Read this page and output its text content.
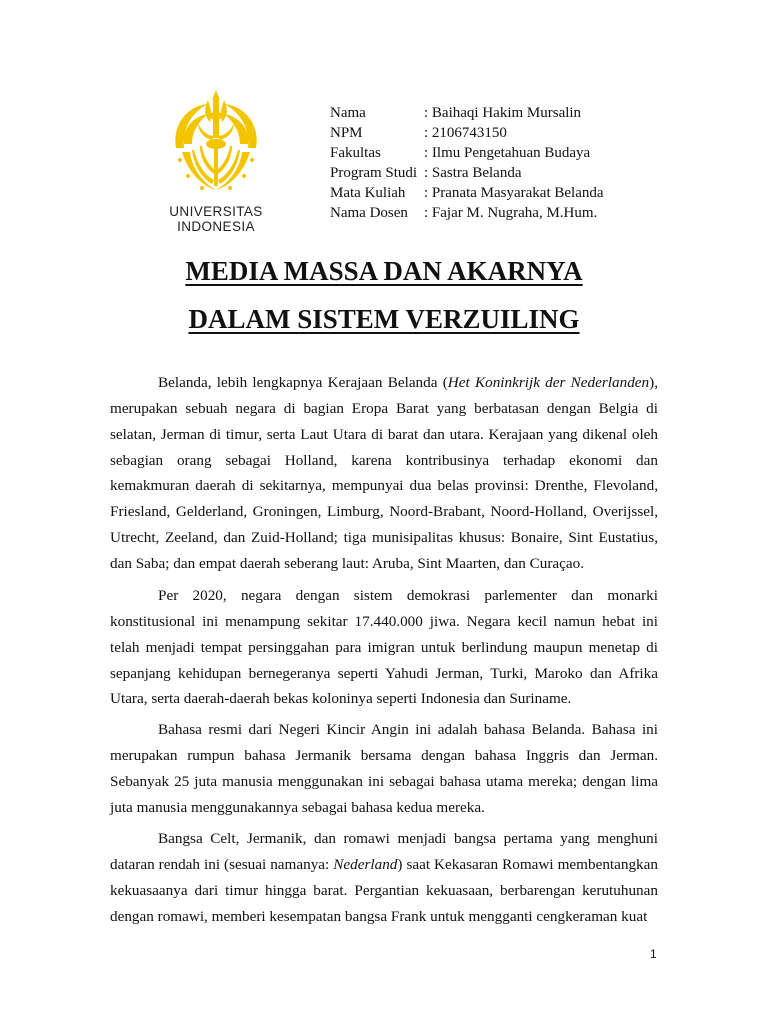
UNIVERSITAS
INDONESIA
Nama	: Baihaqi Hakim Mursalin
NPM	: 2106743150
Fakultas	: Ilmu Pengetahuan Budaya
Program Studi : Sastra Belanda
Mata Kuliah	: Pranata Masyarakat Belanda
Nama Dosen	: Fajar M. Nugraha, M.Hum.
MEDIA MASSA DAN AKARNYA
DALAM SISTEM VERZUILING

Belanda, lebih lengkapnya Kerajaan Belanda (Het Koninkrijk der Nederlanden), merupakan sebuah negara di bagian Eropa Barat yang berbatasan dengan Belgia di selatan, Jerman di timur, serta Laut Utara di barat dan utara. Kerajaan yang dikenal oleh sebagian orang sebagai Holland, karena kontribusinya terhadap ekonomi dan kemakmuran daerah di sekitarnya, mempunyai dua belas provinsi: Drenthe, Flevoland, Friesland, Gelderland, Groningen, Limburg, Noord-Brabant, Noord-Holland, Overijssel, Utrecht, Zeeland, dan Zuid-Holland; tiga munisipalitas khusus: Bonaire, Sint Eustatius, dan Saba; dan empat daerah seberang laut: Aruba, Sint Maarten, dan Curaçao.

Per 2020, negara dengan sistem demokrasi parlementer dan monarki konstitusional ini menampung sekitar 17.440.000 jiwa. Negara kecil namun hebat ini telah menjadi tempat persinggahan para imigran untuk berlindung maupun menetap di sepanjang kehidupan bernegeranya seperti Yahudi Jerman, Turki, Maroko dan Afrika Utara, serta daerah-daerah bekas koloninya seperti Indonesia dan Suriname.

Bahasa resmi dari Negeri Kincir Angin ini adalah bahasa Belanda. Bahasa ini merupakan rumpun bahasa Jermanik bersama dengan bahasa Inggris dan Jerman. Sebanyak 25 juta manusia menggunakan ini sebagai bahasa utama mereka; dengan lima juta manusia menggunakannya sebagai bahasa kedua mereka.

Bangsa Celt, Jermanik, dan romawi menjadi bangsa pertama yang menghuni dataran rendah ini (sesuai namanya: Nederland) saat Kekasaran Romawi membentangkan kekuasaanya dari timur hingga barat. Pergantian kekuasaan, berbarengan kerutuhunan dengan romawi, memberi kesempatan bangsa Frank untuk mengganti cengkeraman kuat

1
